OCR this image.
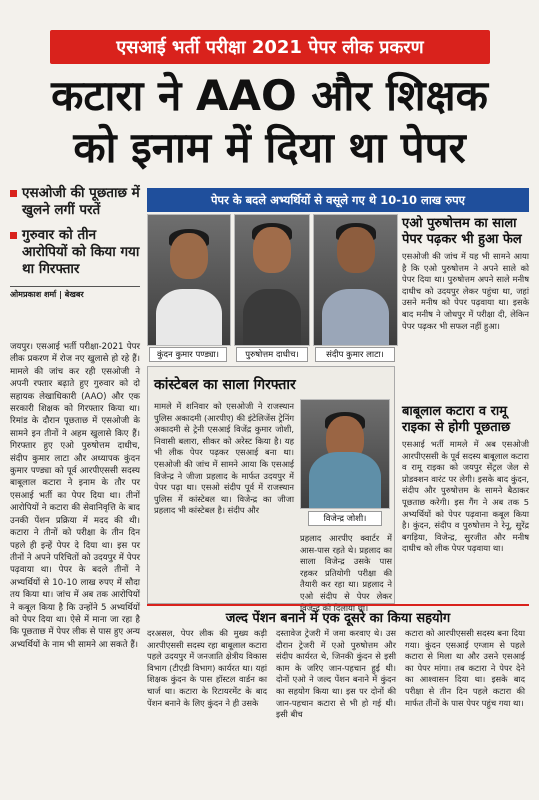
एसआई भर्ती परीक्षा 2021 पेपर लीक प्रकरण
कटारा ने AAO और शिक्षक
को इनाम में दिया था पेपर
एसओजी की पूछताछ में खुलने लगीं परतें
गुरुवार को तीन आरोपियों को किया गया था गिरफ्तार
ओमप्रकाश शर्मा | बेखबर
जयपुर। एसआई भर्ती परीक्षा-2021 पेपर लीक प्रकरण में रोज नए खुलासे हो रहे हैं। मामले की जांच कर रही एसओजी ने अपनी रफ्तार बढ़ाते हुए गुरुवार को दो सहायक लेखाधिकारी (AAO) और एक सरकारी शिक्षक को गिरफ्तार किया था। रिमांड के दौरान पूछताछ में एसओजी के सामने इन तीनों ने अहम खुलासे किए हैं। गिरफ्तार हुए एओ पुरुषोत्तम दाधीच, संदीप कुमार लाटा और अध्यापक कुंदन कुमार पण्ड्या को पूर्व आरपीएससी सदस्य बाबूलाल कटारा ने इनाम के तौर पर एसआई भर्ती का पेपर दिया था। तीनों आरोपियों ने कटारा की सेवानिवृत्ति के बाद उनकी पेंशन प्रक्रिया में मदद की थी। कटारा ने तीनों को परीक्षा के तीन दिन पहले ही इन्हें पेपर दे दिया था। इस पर तीनों ने अपने परिचितों को उदयपुर में पेपर पढ़वाया था। पेपर के बदले तीनों ने अभ्यर्थियों से 10-10 लाख रुपए में सौदा तय किया था। जांच में अब तक आरोपियों ने कबूल किया है कि उन्होंने 5 अभ्यर्थियों को पेपर दिया था। ऐसे में माना जा रहा है कि पूछताछ में पेपर लीक से पास हुए अन्य अभ्यर्थियों के नाम भी सामने आ सकते हैं।
पेपर के बदले अभ्यर्थियों से वसूले गए थे 10-10 लाख रुपए
कुंदन कुमार पण्ड्या।	पुरुषोत्तम दाधीच।	संदीप कुमार लाटा।
एओ पुरुषोत्तम का साला पेपर पढ़कर भी हुआ फेल
एसओजी की जांच में यह भी सामने आया है कि एओ पुरुषोत्तम ने अपने साले को पेपर दिया था। पुरुषोत्तम अपने साले मनीष दाधीच को उदयपुर लेकर पहुंचा था, जहां उसने मनीष को पेपर पढ़वाया था। इसके बाद मनीष ने जोधपुर में परीक्षा दी, लेकिन पेपर पढ़कर भी सफल नहीं हुआ।
बाबूलाल कटारा व रामू राइका से होगी पूछताछ
एसआई भर्ती मामले में अब एसओजी आरपीएससी के पूर्व सदस्य बाबूलाल कटारा व रामू राइका को जयपुर सेंट्रल जेल से प्रोडक्शन वारंट पर लेगी। इसके बाद कुंदन, संदीप और पुरुषोत्तम के सामने बैठाकर पूछताछ करेगी। इस गैंग ने अब तक 5 अभ्यर्थियों को पेपर पढ़वाना कबूल किया है। कुंदन, संदीप व पुरुषोत्तम ने रेनू, सुरेंद्र बगड़िया, विजेन्द्र, सुरजीत और मनीष दाधीच को लीक पेपर पढ़वाया था।
कांस्टेबल का साला गिरफ्तार
मामले में शनिवार को एसओजी ने राजस्थान पुलिस अकादमी (आरपीए) की इंटेलिजेंस ट्रेनिंग अकादमी से ट्रेनी एसआई विजेंद्र कुमार जोशी, निवासी बलारा, सीकर को अरेस्ट किया है। यह भी लीक पेपर पढ़कर एसआई बना था। एसओजी की जांच में सामने आया कि एसआई विजेन्द्र ने जीजा प्रहलाद के मार्फत उदयपुर में पेपर पढ़ा था। एसओ संदीप पूर्व में राजस्थान पुलिस में कांस्टेबल था। विजेन्द्र का जीजा प्रहलाद भी कांस्टेबल है। संदीप और
विजेन्द्र जोशी।
प्रहलाद आरपीए क्वार्टर में आस-पास रहते थे। प्रहलाद का साला विजेन्द्र उसके पास रहकर प्रतियोगी परीक्षा की तैयारी कर रहा था। प्रहलाद ने एओ संदीप से पेपर लेकर विजेन्द्र को दिलाया था।
जल्द पेंशन बनाने में एक दूसरे का किया सहयोग
दरअसल, पेपर लीक की मुख्य कड़ी आरपीएससी सदस्य रहा बाबूलाल कटारा पहले उदयपुर में जनजाति क्षेत्रीय विकास विभाग (टीएडी विभाग) कार्यरत था। यहां शिक्षक कुंदन के पास हॉस्टल वार्डन का चार्ज था। कटारा के रिटायरमेंट के बाद पेंशन बनाने के लिए कुंदन ने ही उसके
दस्तावेज ट्रेजरी में जमा करवाए थे। उस दौरान ट्रेजरी में एओ पुरुषोत्तम और संदीप कार्यरत थे, जिनकी कुंदन से इसी काम के जरिए जान-पहचान हुई थी। दोनों एओ ने जल्द पेंशन बनाने में कुंदन का सहयोग किया था। इस पर दोनों की जान-पहचान कटारा से भी हो गई थी। इसी बीच
कटारा को आरपीएससी सदस्य बना दिया गया। कुंदन एसआई एग्जाम से पहले कटारा से मिला था और उसने एसआई का पेपर मांगा। तब कटारा ने पेपर देने का आश्वासन दिया था। इसके बाद परीक्षा से तीन दिन पहले कटारा की मार्फत तीनों के पास पेपर पहुंच गया था।
